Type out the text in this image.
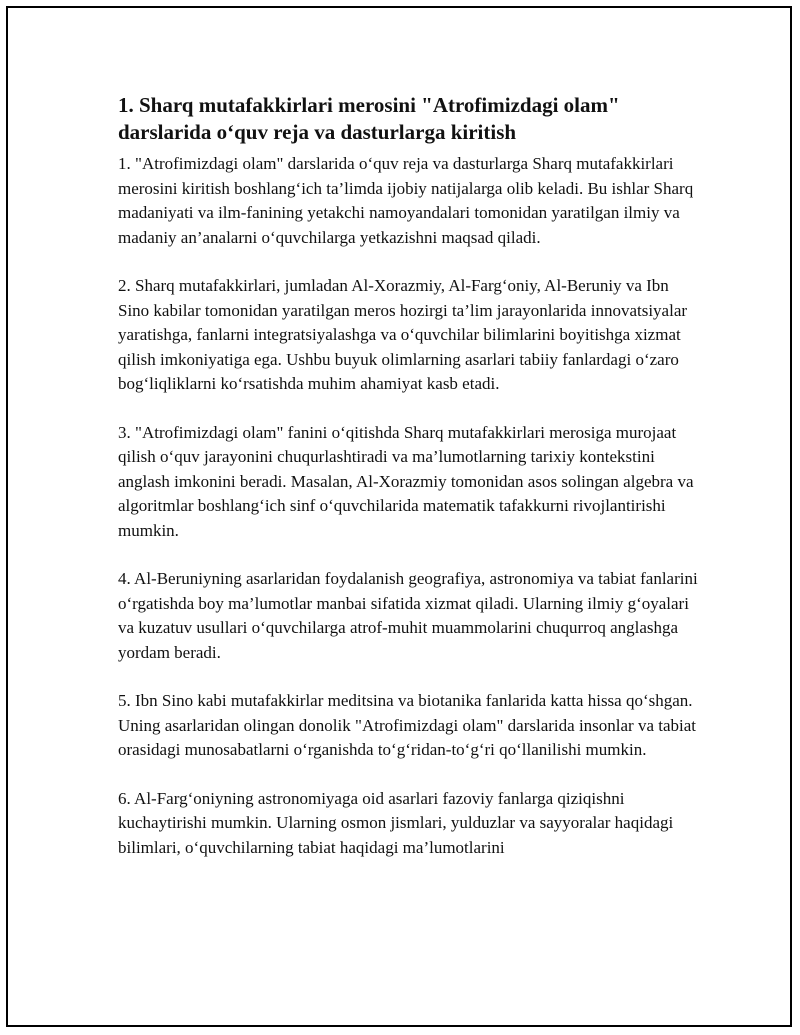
1. Sharq mutafakkirlari merosini "Atrofimizdagi olam" darslarida o‘quv reja va dasturlarga kiritish

1. "Atrofimizdagi olam" darslarida o‘quv reja va dasturlarga Sharq mutafakkirlari merosini kiritish boshlang‘ich ta’limda ijobiy natijalarga olib keladi. Bu ishlar Sharq madaniyati va ilm-fanining yetakchi namoyandalari tomonidan yaratilgan ilmiy va madaniy an’analarni o‘quvchilarga yetkazishni maqsad qiladi.

2. Sharq mutafakkirlari, jumladan Al-Xorazmiy, Al-Farg‘oniy, Al-Beruniy va Ibn Sino kabilar tomonidan yaratilgan meros hozirgi ta’lim jarayonlarida innovatsiyalar yaratishga, fanlarni integratsiyalashga va o‘quvchilar bilimlarini boyitishga xizmat qilish imkoniyatiga ega. Ushbu buyuk olimlarning asarlari tabiiy fanlardagi o‘zaro bog‘liqliklarni ko‘rsatishda muhim ahamiyat kasb etadi.

3. "Atrofimizdagi olam" fanini o‘qitishda Sharq mutafakkirlari merosiga murojaat qilish o‘quv jarayonini chuqurlashtiradi va ma’lumotlarning tarixiy kontekstini anglash imkonini beradi. Masalan, Al-Xorazmiy tomonidan asos solingan algebra va algoritmlar boshlang‘ich sinf o‘quvchilarida matematik tafakkurni rivojlantirishi mumkin.

4. Al-Beruniyning asarlaridan foydalanish geografiya, astronomiya va tabiat fanlarini o‘rgatishda boy ma’lumotlar manbai sifatida xizmat qiladi. Ularning ilmiy g‘oyalari va kuzatuv usullari o‘quvchilarga atrof-muhit muammolarini chuqurroq anglashga yordam beradi.

5. Ibn Sino kabi mutafakkirlar meditsina va biotanika fanlarida katta hissa qo‘shgan. Uning asarlaridan olingan donolik "Atrofimizdagi olam" darslarida insonlar va tabiat orasidagi munosabatlarni o‘rganishda to‘g‘ridan-to‘g‘ri qo‘llanilishi mumkin.

6. Al-Farg‘oniyning astronomiyaga oid asarlari fazoviy fanlarga qiziqishni kuchaytirishi mumkin. Ularning osmon jismlari, yulduzlar va sayyoralar haqidagi bilimlari, o‘quvchilarning tabiat haqidagi ma’lumotlarini
